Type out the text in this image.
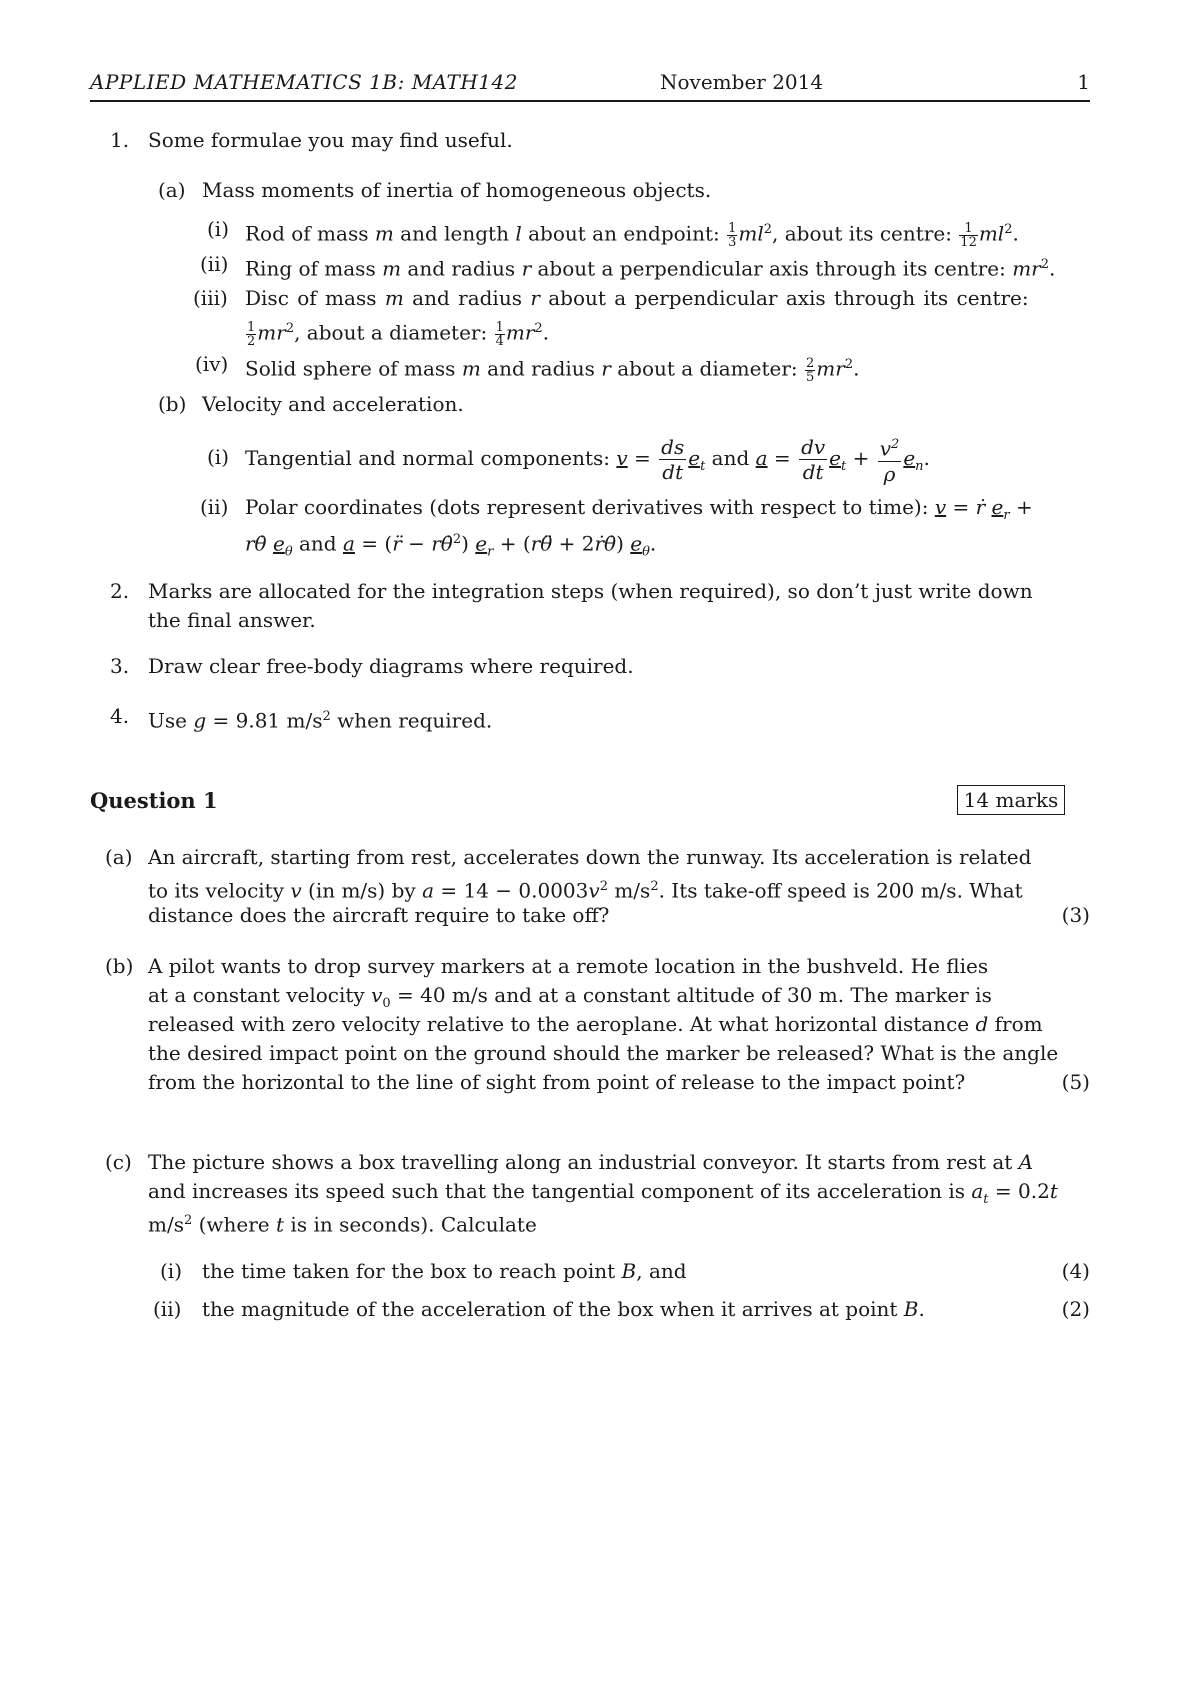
APPLIED MATHEMATICS 1B: MATH142	November 2014	1
1. Some formulae you may find useful.
(a) Mass moments of inertia of homogeneous objects.
(i) Rod of mass m and length l about an endpoint: $\frac{1}{3} ml^2$, about its centre: $\frac{1}{12} ml^2$.
(ii) Ring of mass m and radius r about a perpendicular axis through its centre: $mr^2$.
(iii) Disc of mass m and radius r about a perpendicular axis through its centre:
$\frac{1}{2} mr^2$, about a diameter: $\frac{1}{4} mr^2$.
(iv) Solid sphere of mass m and radius r about a diameter: $\frac{2}{5} mr^2$.
(b) Velocity and acceleration.
(i) Tangential and normal components: $v = \frac{ds}{dt} e_t$ and $a = \frac{dv}{dt} e_t + \frac{v^2}{\rho} e_n$.
(ii) Polar coordinates (dots represent derivatives with respect to time): v = ṙ $e_r$ +
rθ̇ $e_\theta$ and a = (r̈ − rθ̇$^2$) $e_r$ + (rθ̈ + 2ṙθ̇) $e_\theta$.
2. Marks are allocated for the integration steps (when required), so don’t just write down
the final answer.
3. Draw clear free-body diagrams where required.
4. Use g = 9.81 $m/s^2$ when required.
Question 1	14 marks
(a) An aircraft, starting from rest, accelerates down the runway. Its acceleration is related
to its velocity v (in m/s) by $a = 14 - 0.0003v^2$ $m/s^2$. Its take-off speed is 200 m/s. What
distance does the aircraft require to take off?	(3)
(b) A pilot wants to drop survey markers at a remote location in the bushveld. He flies
at a constant velocity $v_0 = 40$ m/s and at a constant altitude of 30 m. The marker is
released with zero velocity relative to the aeroplane. At what horizontal distance d from
the desired impact point on the ground should the marker be released? What is the angle
from the horizontal to the line of sight from point of release to the impact point?	(5)
(c) The picture shows a box travelling along an industrial conveyor. It starts from rest at A
and increases its speed such that the tangential component of its acceleration is $a_t = 0.2t$
$m/s^2$ (where t is in seconds). Calculate
(i) the time taken for the box to reach point B, and	(4)
(ii) the magnitude of the acceleration of the box when it arrives at point B.	(2)
